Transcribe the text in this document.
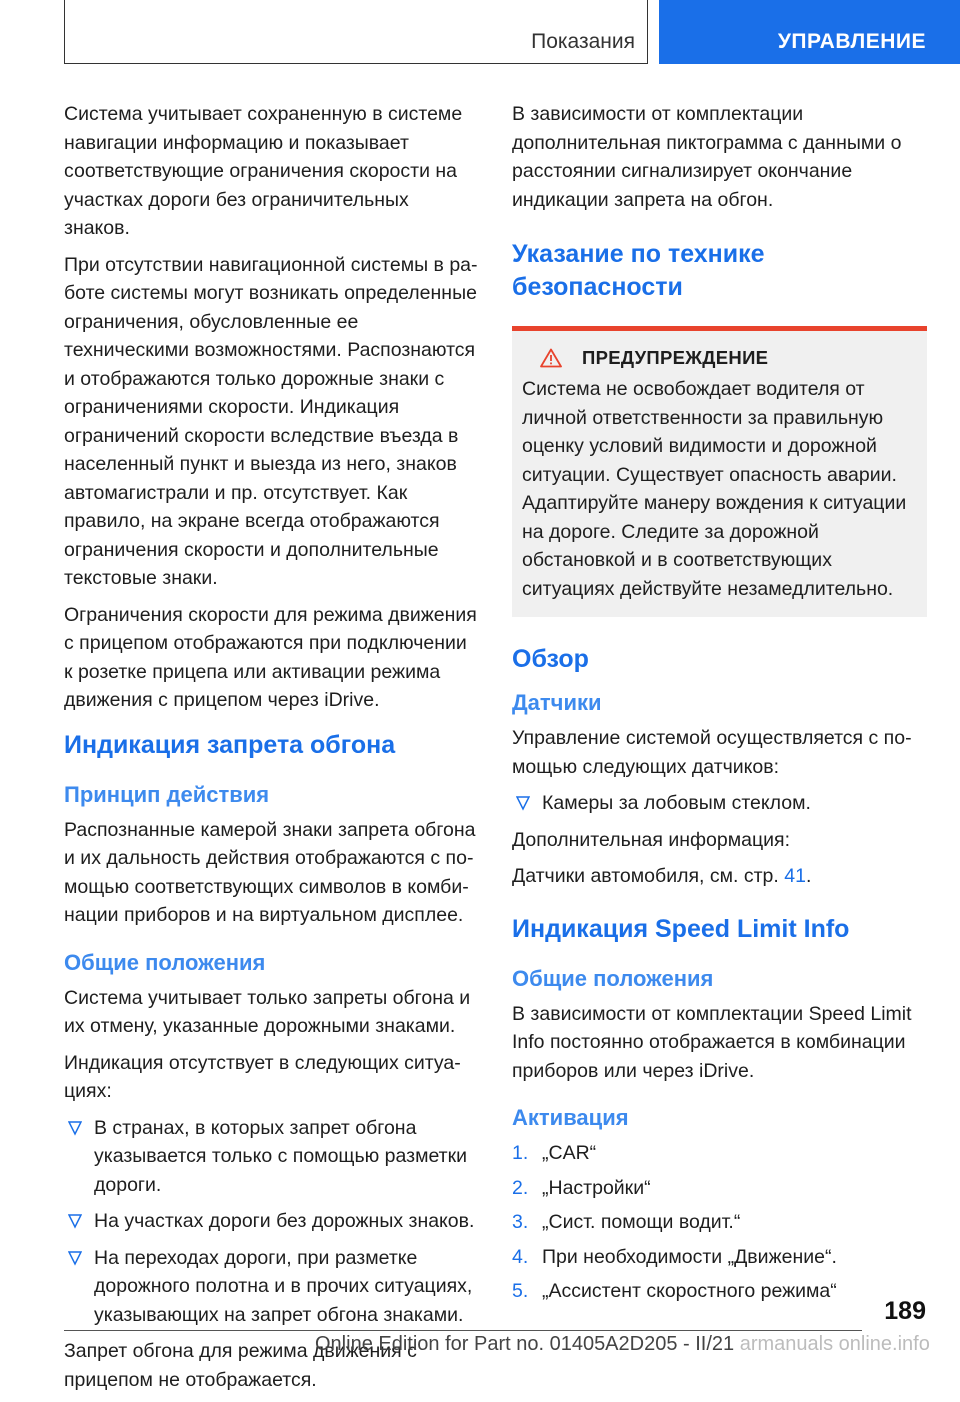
Показания	УПРАВЛЕНИЕ

Система учитывает сохраненную в системе навигации информацию и показывает соответствующие ограничения скорости на участках дороги без ограничительных знаков.

При отсутствии навигационной системы в работе системы могут возникать определенные ограничения, обусловленные ее техническими возможностями. Распознаются и отображаются только дорожные знаки с ограничениями скорости. Индикация ограничений скорости вследствие въезда в населенный пункт и выезда из него, знаков автомагистрали и пр. отсутствует. Как правило, на экране всегда отображаются ограничения скорости и дополнительные текстовые знаки.

Ограничения скорости для режима движения с прицепом отображаются при подключении к розетке прицепа или активации режима движения с прицепом через iDrive.

Индикация запрета обгона
Принцип действия

Распознанные камерой знаки запрета обгона и их дальность действия отображаются с помощью соответствующих символов в комбинации приборов и на виртуальном дисплее.

Общие положения

Система учитывает только запреты обгона и их отмену, указанные дорожными знаками.

Индикация отсутствует в следующих ситуациях:

В странах, в которых запрет обгона указывается только с помощью разметки дороги.
На участках дороги без дорожных знаков.
На переходах дороги, при разметке дорожного полотна и в прочих ситуациях, указывающих на запрет обгона знаками.

Запрет обгона для режима движения с прицепом не отображается.

В зависимости от комплектации дополнительная пиктограмма с данными о расстоянии сигнализирует окончание индикации запрета на обгон.

Указание по технике безопасности
ПРЕДУПРЕЖДЕНИЕ

Система не освобождает водителя от личной ответственности за правильную оценку условий видимости и дорожной ситуации. Существует опасность аварии. Адаптируйте манеру вождения к ситуации на дороге. Следите за дорожной обстановкой и в соответствующих ситуациях действуйте незамедлительно.

Обзор
Датчики

Управление системой осуществляется с помощью следующих датчиков:

Камеры за лобовым стеклом.

Дополнительная информация:

Датчики автомобиля, см. стр. 41.

Индикация Speed Limit Info
Общие положения

В зависимости от комплектации Speed Limit Info постоянно отображается в комбинации приборов или через iDrive.

Активация
1. „CAR“
2. „Настройки“
3. „Сист. помощи водит.“
4. При необходимости „Движение“.
5. „Ассистент скоростного режима“
189
Online Edition for Part no. 01405A2D205 - II/21 armanuals online.info
